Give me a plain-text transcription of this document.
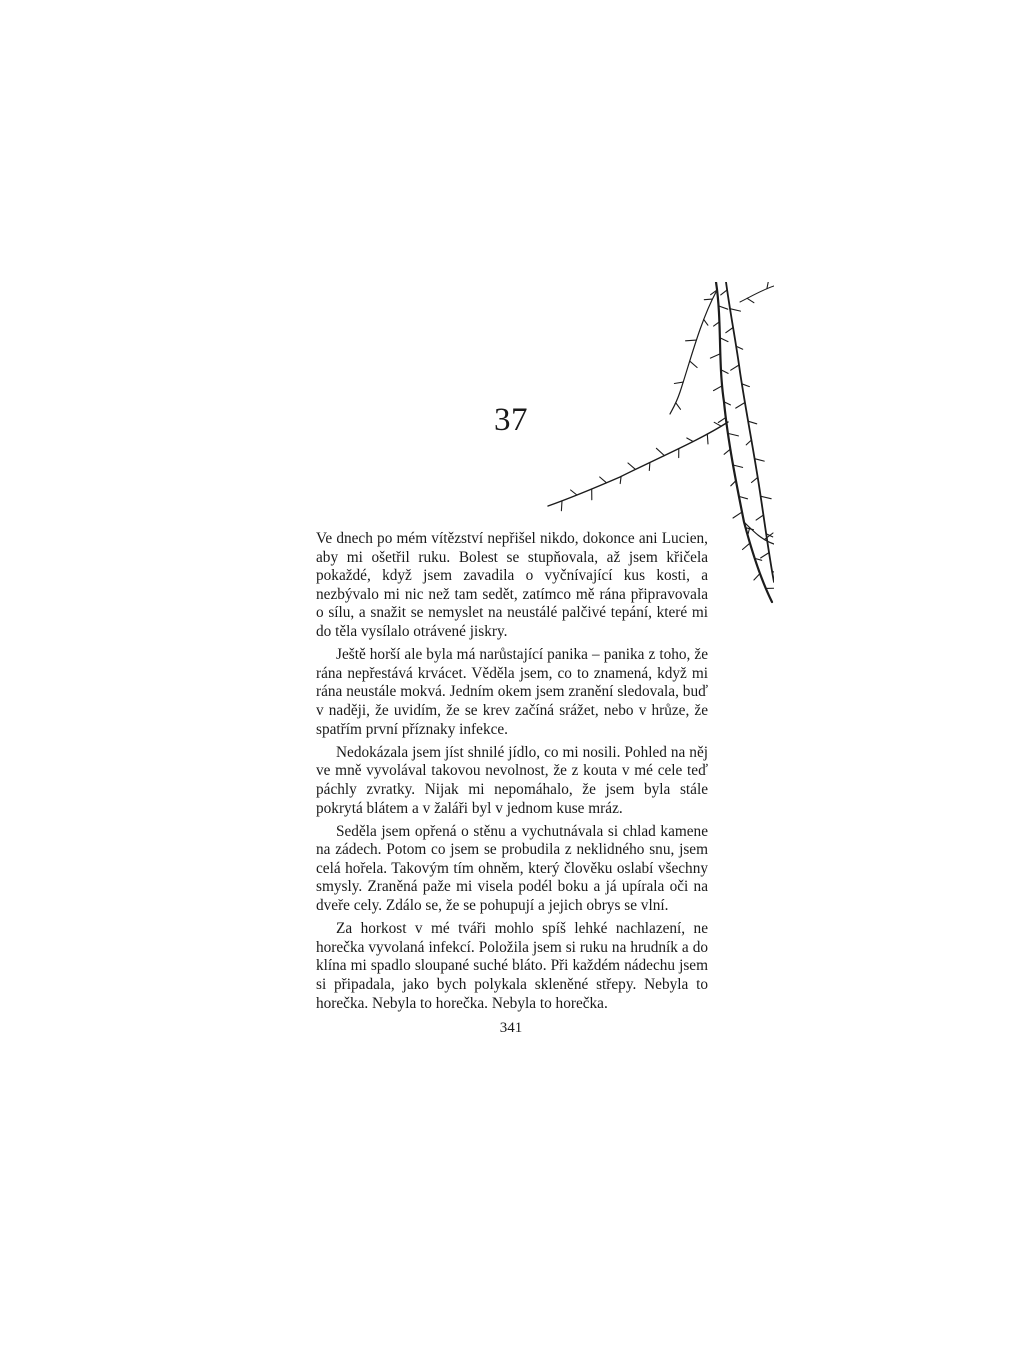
37

Ve dnech po mém vítězství nepřišel nikdo, dokonce ani Lucien, aby mi ošetřil ruku. Bolest se stupňovala, až jsem křičela pokaždé, když jsem zavadila o vyčnívající kus kosti, a nezbývalo mi nic než tam sedět, zatímco mě rána připravovala o sílu, a snažit se nemyslet na neustálé palčivé tepání, které mi do těla vysílalo otrávené jiskry.

Ještě horší ale byla má narůstající panika – panika z toho, že rána nepřestává krvácet. Věděla jsem, co to znamená, když mi rána neustále mokvá. Jedním okem jsem zranění sledovala, buď v naději, že uvidím, že se krev začíná srážet, nebo v hrůze, že spatřím první příznaky infekce.

Nedokázala jsem jíst shnilé jídlo, co mi nosili. Pohled na něj ve mně vyvolával takovou nevolnost, že z kouta v mé cele teď páchly zvratky. Nijak mi nepomáhalo, že jsem byla stále pokrytá blátem a v žaláři byl v jednom kuse mráz.

Seděla jsem opřená o stěnu a vychutnávala si chlad kamene na zádech. Potom co jsem se probudila z neklidného snu, jsem celá hořela. Takovým tím ohněm, který člověku oslabí všechny smysly. Zraněná paže mi visela podél boku a já upírala oči na dveře cely. Zdálo se, že se pohupují a jejich obrys se vlní.

Za horkost v mé tváři mohlo spíš lehké nachlazení, ne horečka vyvolaná infekcí. Položila jsem si ruku na hrudník a do klína mi spadlo sloupané suché bláto. Při každém nádechu jsem si připadala, jako bych polykala skleněné střepy. Nebyla to horečka. Nebyla to horečka. Nebyla to horečka.

341
